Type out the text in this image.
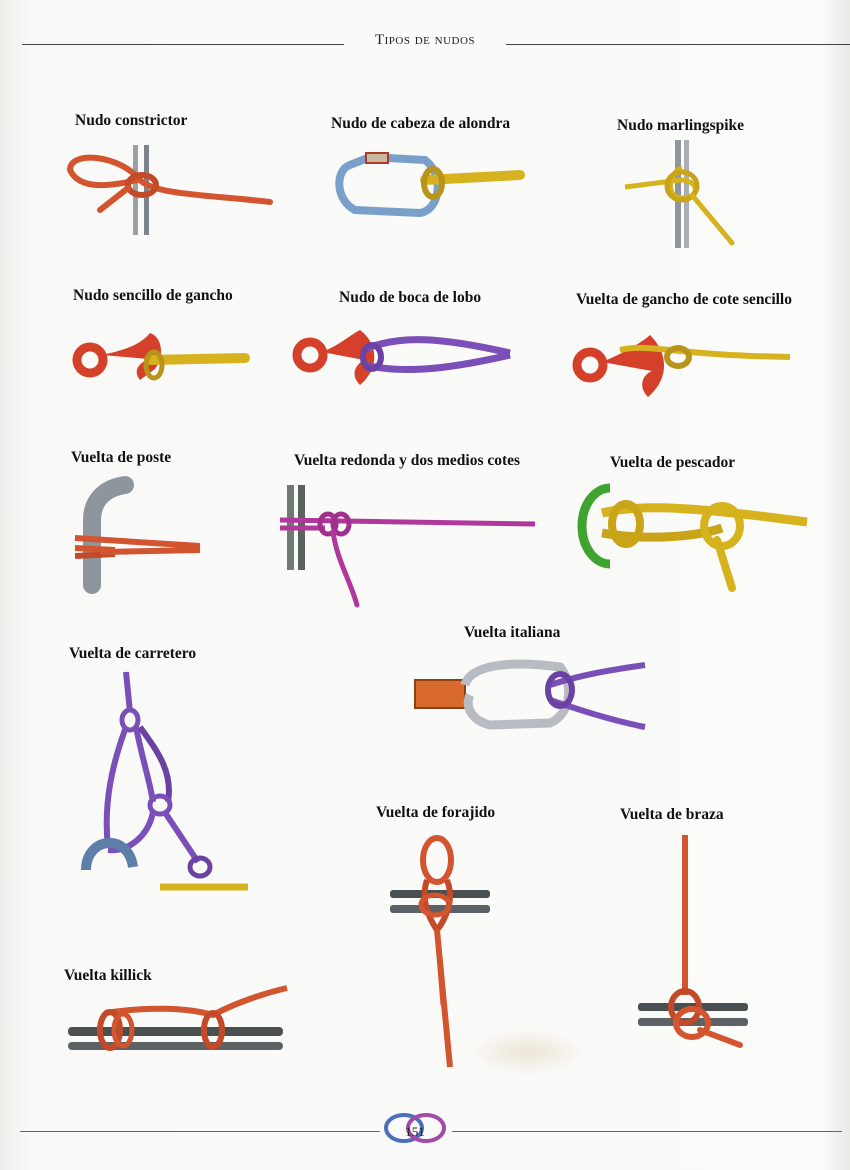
Tipos de nudos
Nudo constrictor	Nudo de cabeza de alondra	Nudo marlingspike
Nudo sencillo de gancho	Nudo de boca de lobo	Vuelta de gancho de cote sencillo
Vuelta de poste	Vuelta redonda y dos medios cotes	Vuelta de pescador
Vuelta de carretero
Vuelta italiana
Vuelta de forajido	Vuelta de braza
Vuelta killick
151
